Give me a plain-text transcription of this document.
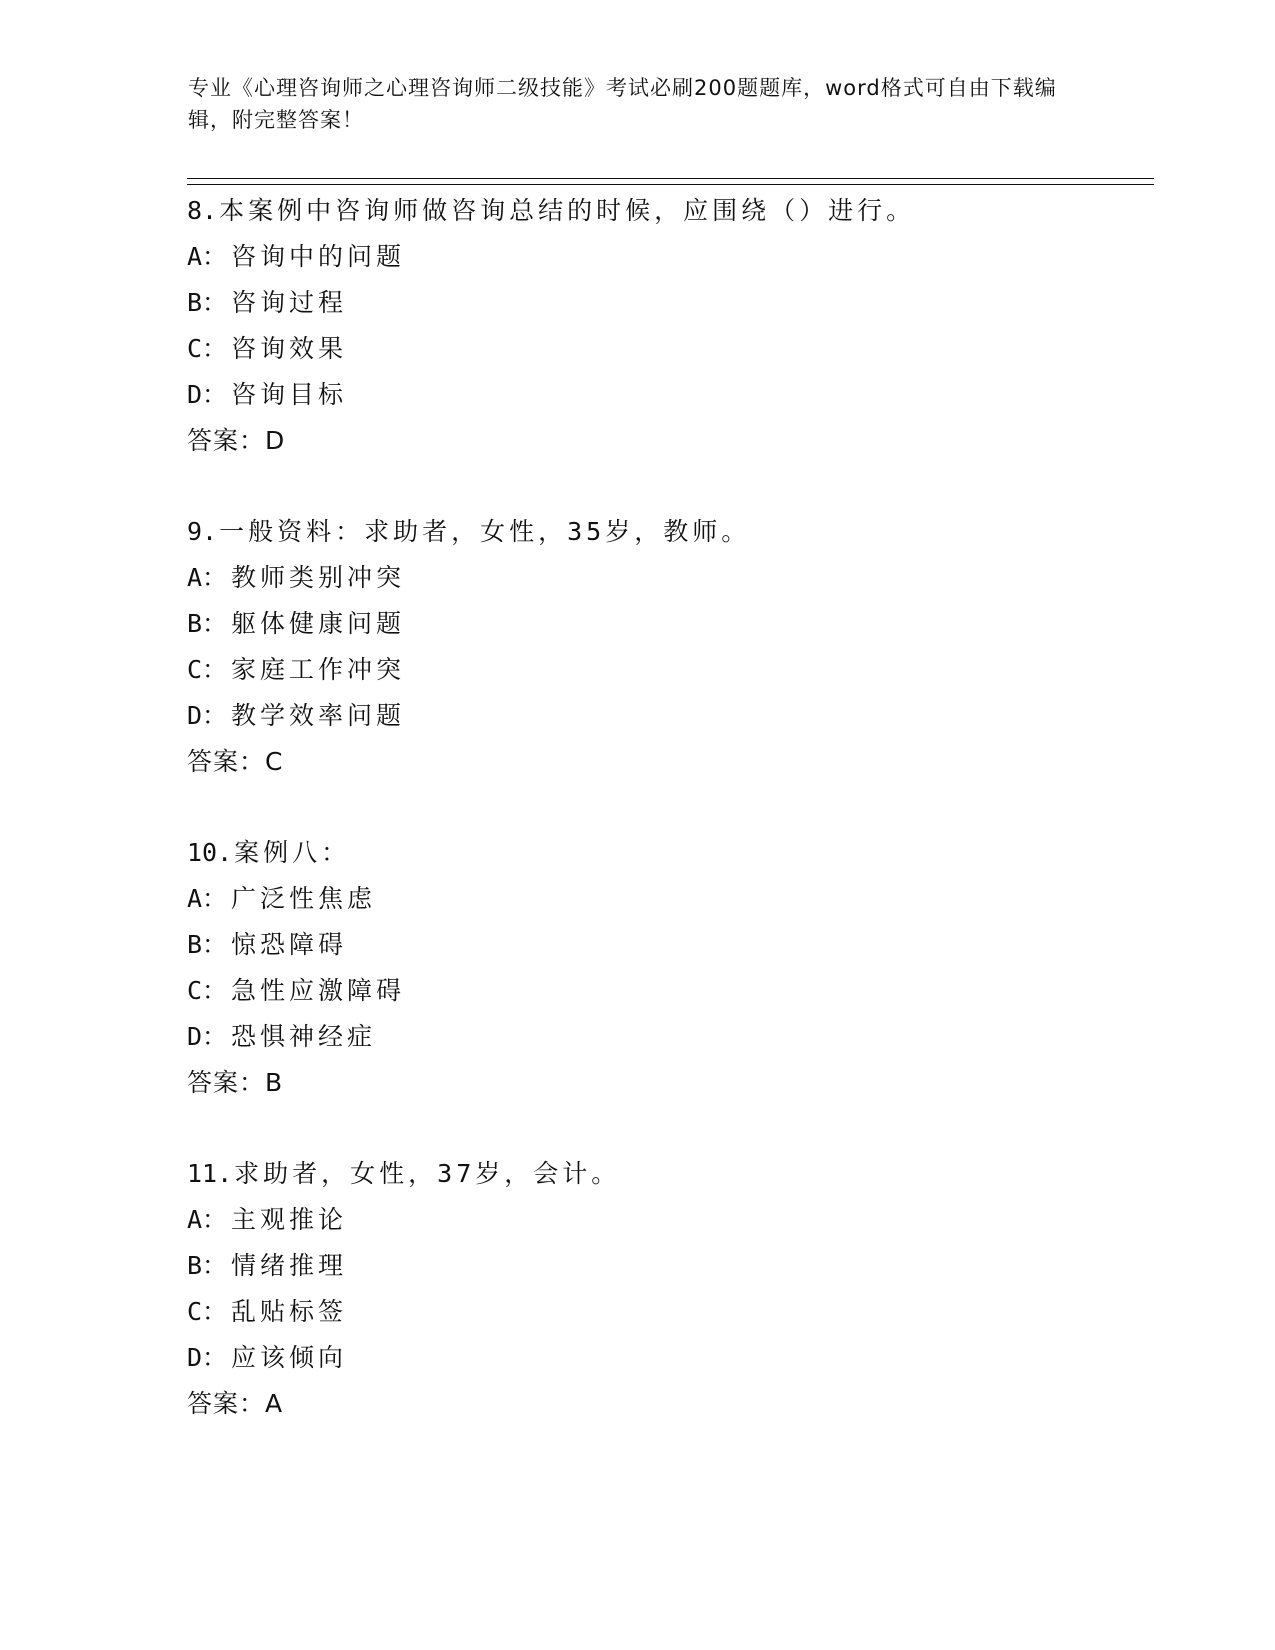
专业《心理咨询师之心理咨询师二级技能》考试必刷200题题库，word格式可自由下载编辑，附完整答案！
8.本案例中咨询师做咨询总结的时候，应围绕（）进行。
A： 咨询中的问题
B： 咨询过程
C： 咨询效果
D： 咨询目标
答案：D
9.一般资料：求助者，女性，35岁，教师。
A： 教师类别冲突
B： 躯体健康问题
C： 家庭工作冲突
D： 教学效率问题
答案：C
10.案例八：
A： 广泛性焦虑
B： 惊恐障碍
C： 急性应激障碍
D： 恐惧神经症
答案：B
11.求助者，女性，37岁，会计。
A： 主观推论
B： 情绪推理
C： 乱贴标签
D： 应该倾向
答案：A
